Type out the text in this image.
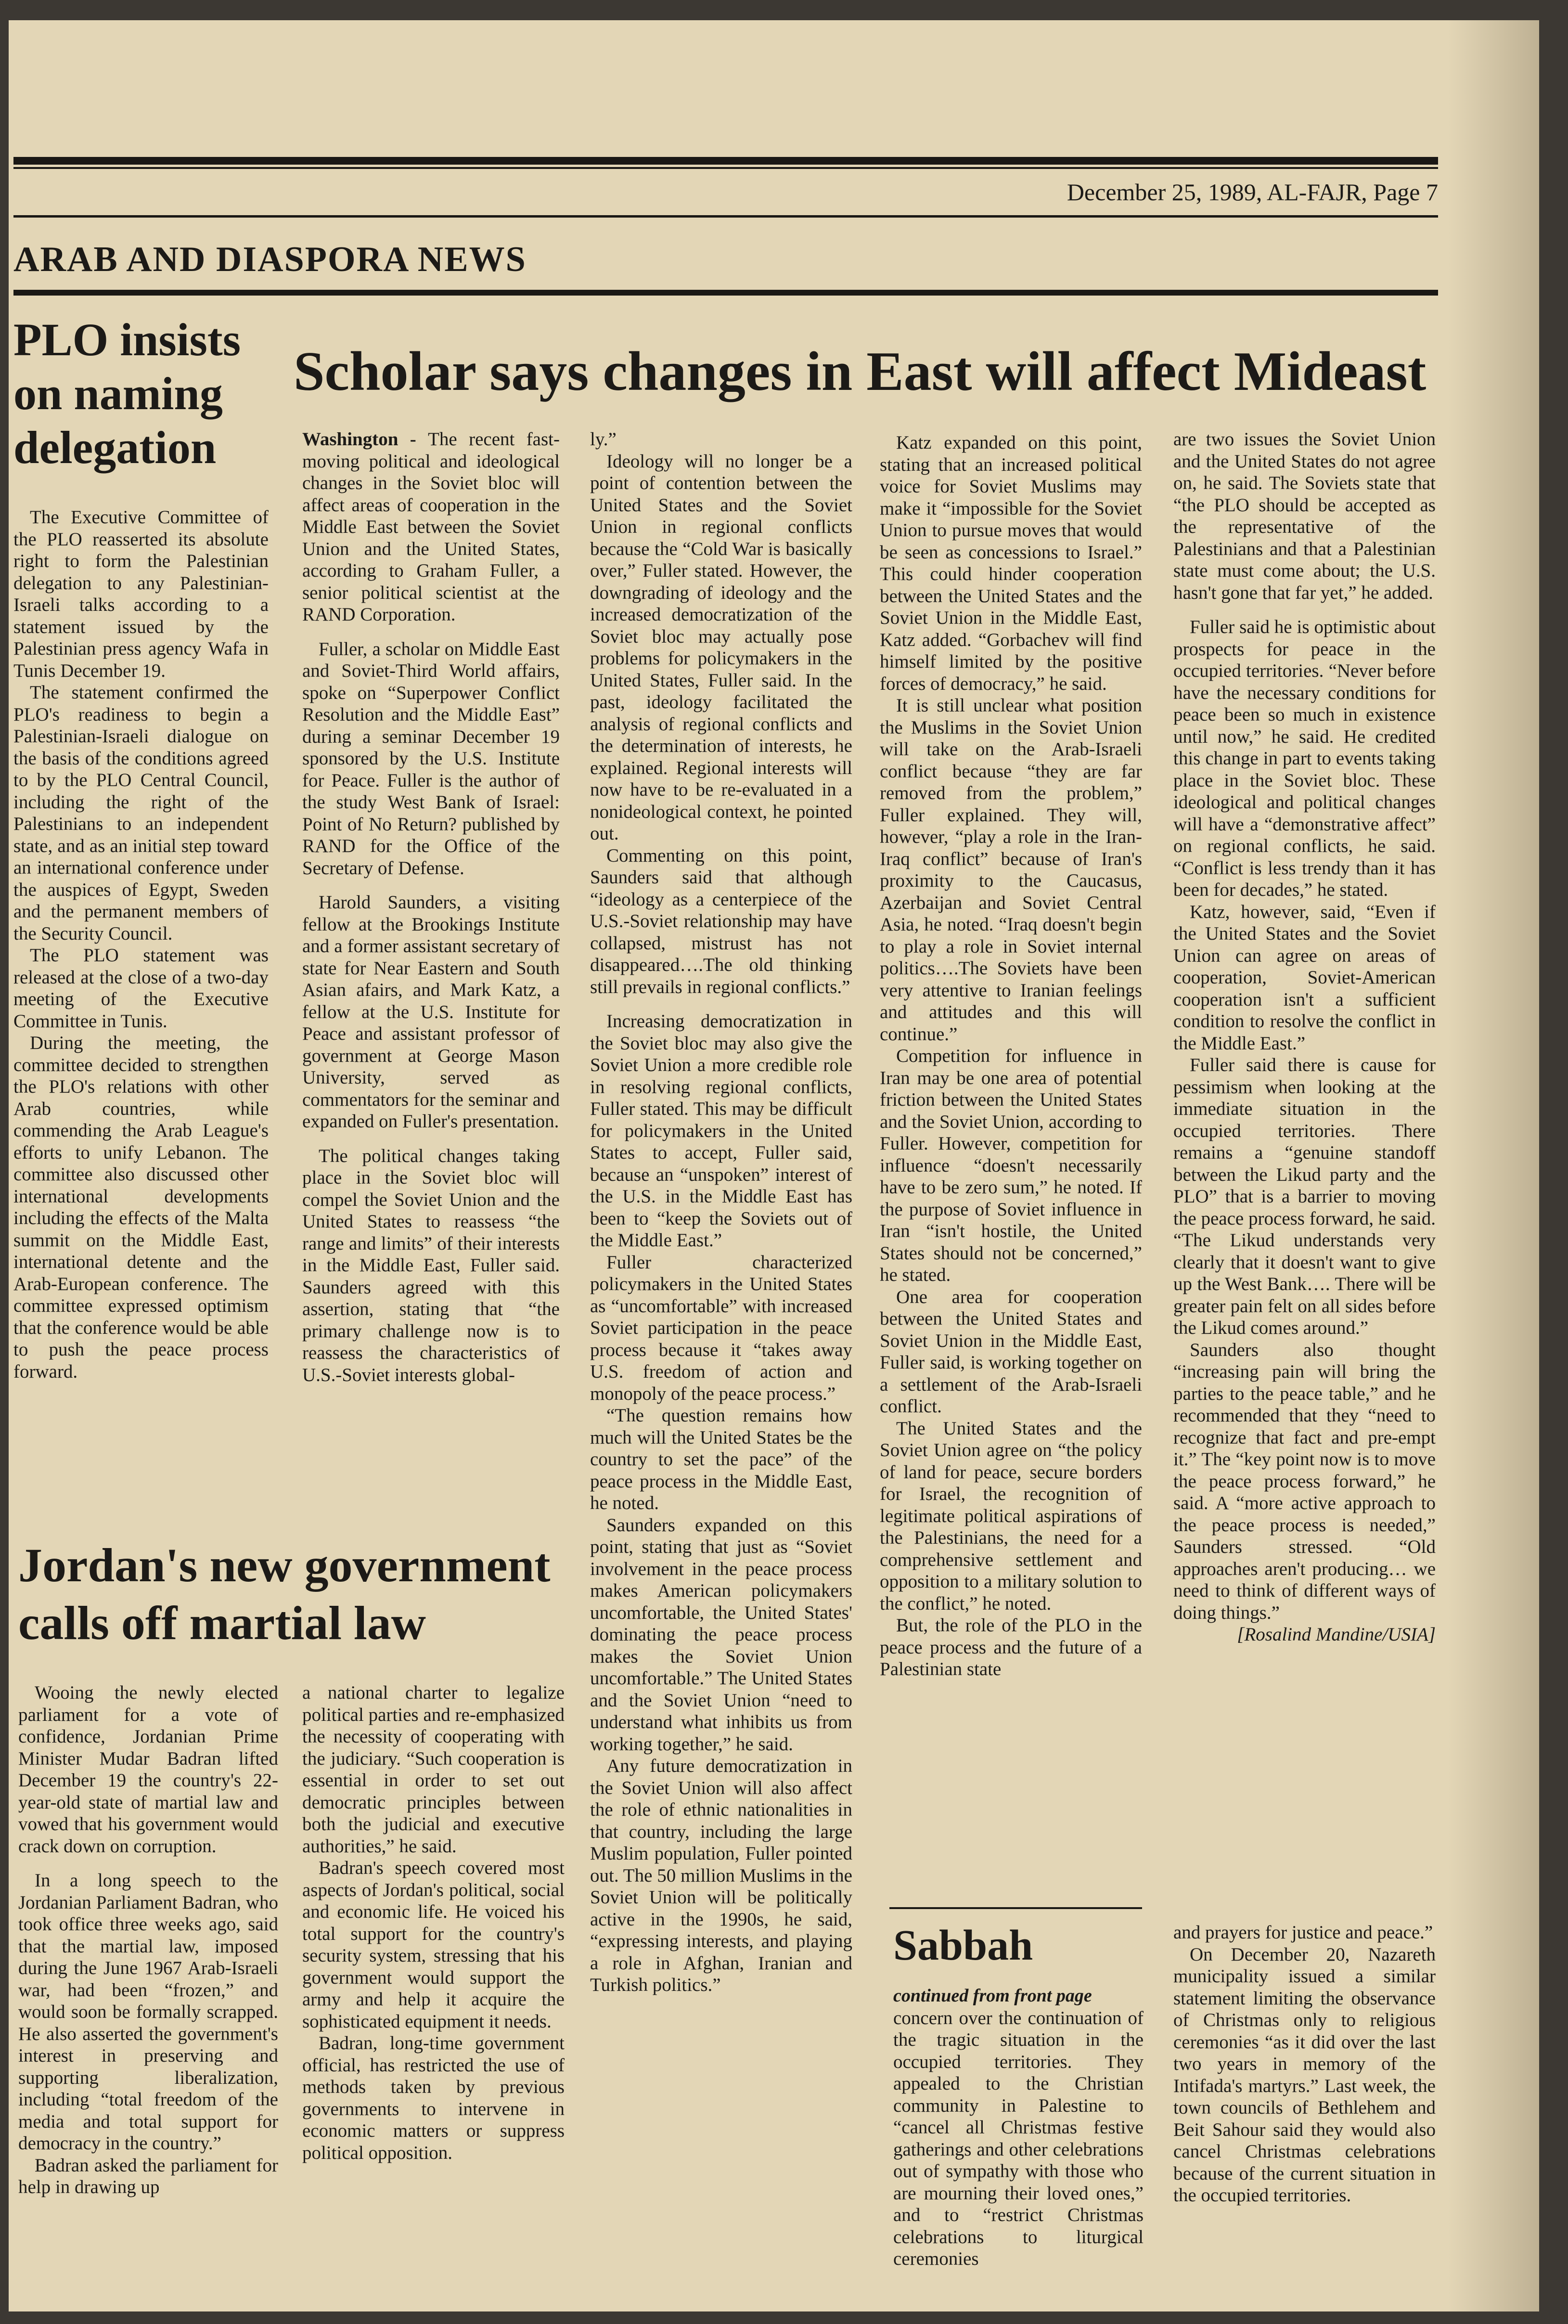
December 25, 1989, AL-FAJR, Page 7
ARAB AND DIASPORA NEWS
PLO insists on naming delegation

The Executive Committee of the PLO reasserted its absolute right to form the Palestinian delegation to any Palestinian-Israeli talks according to a statement issued by the Palestinian press agency Wafa in Tunis December 19.

The statement confirmed the PLO's readiness to begin a Palestinian-Israeli dialogue on the basis of the conditions agreed to by the PLO Central Council, including the right of the Palestinians to an independent state, and as an initial step toward an international conference under the auspices of Egypt, Sweden and the permanent members of the Security Council.

The PLO statement was released at the close of a two-day meeting of the Executive Committee in Tunis.

During the meeting, the committee decided to strengthen the PLO's relations with other Arab countries, while commending the Arab League's efforts to unify Lebanon. The committee also discussed other international developments including the effects of the Malta summit on the Middle East, international detente and the Arab-European conference. The committee expressed optimism that the conference would be able to push the peace process forward.

Scholar says changes in East will affect Mideast

Washington - The recent fast-moving political and ideological changes in the Soviet bloc will affect areas of cooperation in the Middle East between the Soviet Union and the United States, according to Graham Fuller, a senior political scientist at the RAND Corporation.

Fuller, a scholar on Middle East and Soviet-Third World affairs, spoke on “Superpower Conflict Resolution and the Middle East” during a seminar December 19 sponsored by the U.S. Institute for Peace. Fuller is the author of the study West Bank of Israel: Point of No Return? published by RAND for the Office of the Secretary of Defense.

Harold Saunders, a visiting fellow at the Brookings Institute and a former assistant secretary of state for Near Eastern and South Asian afairs, and Mark Katz, a fellow at the U.S. Institute for Peace and assistant professor of government at George Mason University, served as commentators for the seminar and expanded on Fuller's presentation.

The political changes taking place in the Soviet bloc will compel the Soviet Union and the United States to reassess “the range and limits” of their interests in the Middle East, Fuller said. Saunders agreed with this assertion, stating that “the primary challenge now is to reassess the characteristics of U.S.-Soviet interests global-

ly.”

Ideology will no longer be a point of contention between the United States and the Soviet Union in regional conflicts because the “Cold War is basically over,” Fuller stated. However, the downgrading of ideology and the increased democratization of the Soviet bloc may actually pose problems for policymakers in the United States, Fuller said. In the past, ideology facilitated the analysis of regional conflicts and the determination of interests, he explained. Regional interests will now have to be re-evaluated in a nonideological context, he pointed out.

Commenting on this point, Saunders said that although “ideology as a centerpiece of the U.S.-Soviet relationship may have collapsed, mistrust has not disappeared….The old thinking still prevails in regional conflicts.”

Increasing democratization in the Soviet bloc may also give the Soviet Union a more credible role in resolving regional conflicts, Fuller stated. This may be difficult for policymakers in the United States to accept, Fuller said, because an “unspoken” interest of the U.S. in the Middle East has been to “keep the Soviets out of the Middle East.”

Fuller characterized policymakers in the United States as “uncomfortable” with increased Soviet participation in the peace process because it “takes away U.S. freedom of action and monopoly of the peace process.”

“The question remains how much will the United States be the country to set the pace” of the peace process in the Middle East, he noted.

Saunders expanded on this point, stating that just as “Soviet involvement in the peace process makes American policymakers uncomfortable, the United States' dominating the peace process makes the Soviet Union uncomfortable.” The United States and the Soviet Union “need to understand what inhibits us from working together,” he said.

Any future democratization in the Soviet Union will also affect the role of ethnic nationalities in that country, including the large Muslim population, Fuller pointed out. The 50 million Muslims in the Soviet Union will be politically active in the 1990s, he said, “expressing interests, and playing a role in Afghan, Iranian and Turkish politics.”

Katz expanded on this point, stating that an increased political voice for Soviet Muslims may make it “impossible for the Soviet Union to pursue moves that would be seen as concessions to Israel.” This could hinder cooperation between the United States and the Soviet Union in the Middle East, Katz added. “Gorbachev will find himself limited by the positive forces of democracy,” he said.

It is still unclear what position the Muslims in the Soviet Union will take on the Arab-Israeli conflict because “they are far removed from the problem,” Fuller explained. They will, however, “play a role in the Iran-Iraq conflict” because of Iran's proximity to the Caucasus, Azerbaijan and Soviet Central Asia, he noted. “Iraq doesn't begin to play a role in Soviet internal politics….The Soviets have been very attentive to Iranian feelings and attitudes and this will continue.”

Competition for influence in Iran may be one area of potential friction between the United States and the Soviet Union, according to Fuller. However, competition for influence “doesn't necessarily have to be zero sum,” he noted. If the purpose of Soviet influence in Iran “isn't hostile, the United States should not be concerned,” he stated.

One area for cooperation between the United States and Soviet Union in the Middle East, Fuller said, is working together on a settlement of the Arab-Israeli conflict.

The United States and the Soviet Union agree on “the policy of land for peace, secure borders for Israel, the recognition of legitimate political aspirations of the Palestinians, the need for a comprehensive settlement and opposition to a military solution to the conflict,” he noted.

But, the role of the PLO in the peace process and the future of a Palestinian state

are two issues the Soviet Union and the United States do not agree on, he said. The Soviets state that “the PLO should be accepted as the representative of the Palestinians and that a Palestinian state must come about; the U.S. hasn't gone that far yet,” he added.

Fuller said he is optimistic about prospects for peace in the occupied territories. “Never before have the necessary conditions for peace been so much in existence until now,” he said. He credited this change in part to events taking place in the Soviet bloc. These ideological and political changes will have a “demonstrative affect” on regional conflicts, he said. “Conflict is less trendy than it has been for decades,” he stated.

Katz, however, said, “Even if the United States and the Soviet Union can agree on areas of cooperation, Soviet-American cooperation isn't a sufficient condition to resolve the conflict in the Middle East.”

Fuller said there is cause for pessimism when looking at the immediate situation in the occupied territories. There remains a “genuine standoff between the Likud party and the PLO” that is a barrier to moving the peace process forward, he said. “The Likud understands very clearly that it doesn't want to give up the West Bank…. There will be greater pain felt on all sides before the Likud comes around.”

Saunders also thought “increasing pain will bring the parties to the peace table,” and he recommended that they “need to recognize that fact and pre-empt it.” The “key point now is to move the peace process forward,” he said. A “more active approach to the peace process is needed,” Saunders stressed. “Old approaches aren't producing… we need to think of different ways of doing things.”

[Rosalind Mandine/USIA]

Jordan's new government calls off martial law

Wooing the newly elected parliament for a vote of confidence, Jordanian Prime Minister Mudar Badran lifted December 19 the country's 22-year-old state of martial law and vowed that his government would crack down on corruption.

In a long speech to the Jordanian Parliament Badran, who took office three weeks ago, said that the martial law, imposed during the June 1967 Arab-Israeli war, had been “frozen,” and would soon be formally scrapped. He also asserted the government's interest in preserving and supporting liberalization, including “total freedom of the media and total support for democracy in the country.”

Badran asked the parliament for help in drawing up

a national charter to legalize political parties and re-emphasized the necessity of cooperating with the judiciary. “Such cooperation is essential in order to set out democratic principles between both the judicial and executive authorities,” he said.

Badran's speech covered most aspects of Jordan's political, social and economic life. He voiced his total support for the country's security system, stressing that his government would support the army and help it acquire the sophisticated equipment it needs.

Badran, long-time government official, has restricted the use of methods taken by previous governments to intervene in economic matters or suppress political opposition.

Sabbah

continued from front page

concern over the continuation of the tragic situation in the occupied territories. They appealed to the Christian community in Palestine to “cancel all Christmas festive gatherings and other celebrations out of sympathy with those who are mourning their loved ones,” and to “restrict Christmas celebrations to liturgical ceremonies

and prayers for justice and peace.”

On December 20, Nazareth municipality issued a similar statement limiting the observance of Christmas only to religious ceremonies “as it did over the last two years in memory of the Intifada's martyrs.” Last week, the town councils of Bethlehem and Beit Sahour said they would also cancel Christmas celebrations because of the current situation in the occupied territories.
